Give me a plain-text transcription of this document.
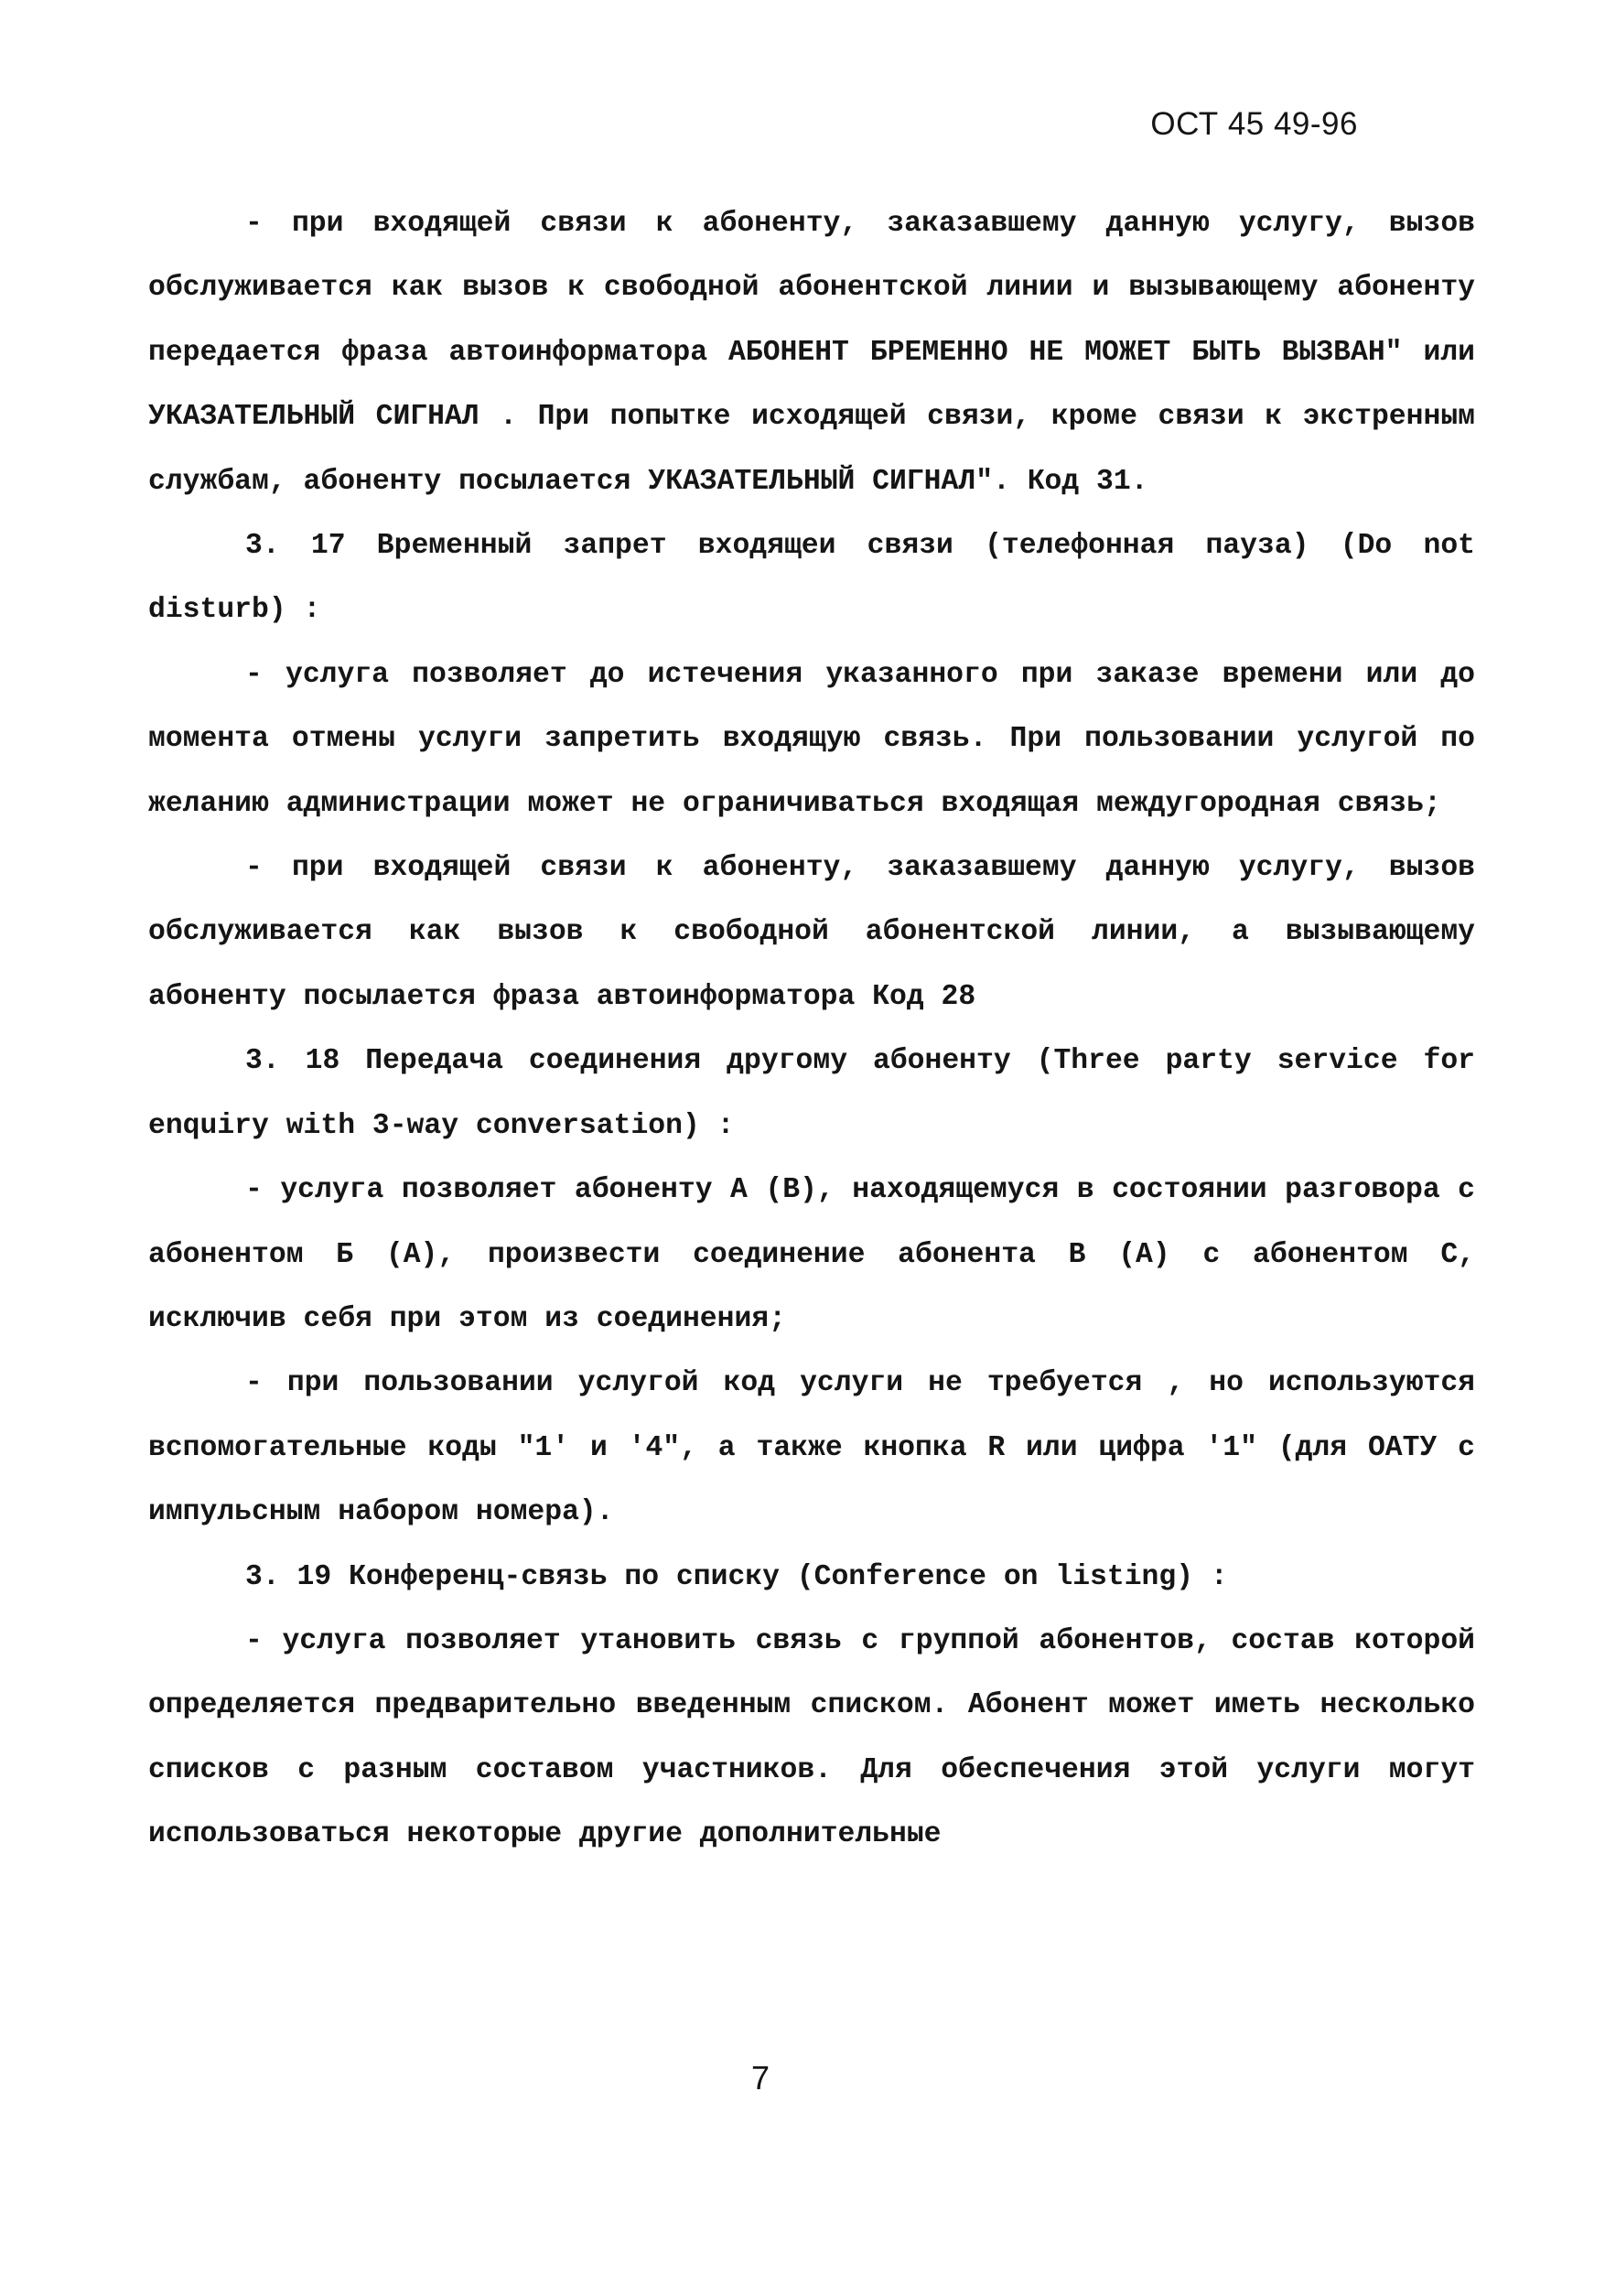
ОСТ 45 49-96

- при входящей связи к абоненту, заказавшему данную услугу, вызов обслуживается как вызов к свободной абонентской линии и вызывающему абоненту передается фраза автоинформатора АБОНЕНТ БРЕМЕННО НЕ МОЖЕТ БЫТЬ ВЫЗВАН" или УКАЗАТЕЛЬНЫЙ СИГНАЛ . При попытке исходящей связи, кроме связи к экстренным службам, абоненту посылается УКАЗАТЕЛЬНЫЙ СИГНАЛ". Код 31.

3. 17 Временный запрет входящеи связи (телефонная пауза) (Do not disturb) :

- услуга позволяет до истечения указанного при заказе времени или до момента отмены услуги запретить входящую связь. При пользовании услугой по желанию администрации может не ограничиваться входящая междугородная связь;

- при входящей связи к абоненту, заказавшему данную услугу, вызов обслуживается как вызов к свободной абонентской линии, а вызывающему абоненту посылается фраза автоинформатора Код 28

3. 18 Передача соединения другому абоненту (Three party service for enquiry with 3-way conversation) :

- услуга позволяет абоненту А (В), находящемуся в состоянии разговора с абонентом Б (А), произвести соединение абонента В (А) с абонентом С, исключив себя при этом из соединения;

- при пользовании услугой код услуги не требуется , но используются вспомогательные коды "1' и '4", а также кнопка R или цифра '1" (для ОАТУ с импульсным набором номера).

3. 19 Конференц-связь по списку (Conference on listing) :

- услуга позволяет утановить связь с группой абонентов, состав которой определяется предварительно введенным списком. Абонент может иметь несколько списков с разным составом участников. Для обеспечения этой услуги могут использоваться некоторые другие дополнительные

7
